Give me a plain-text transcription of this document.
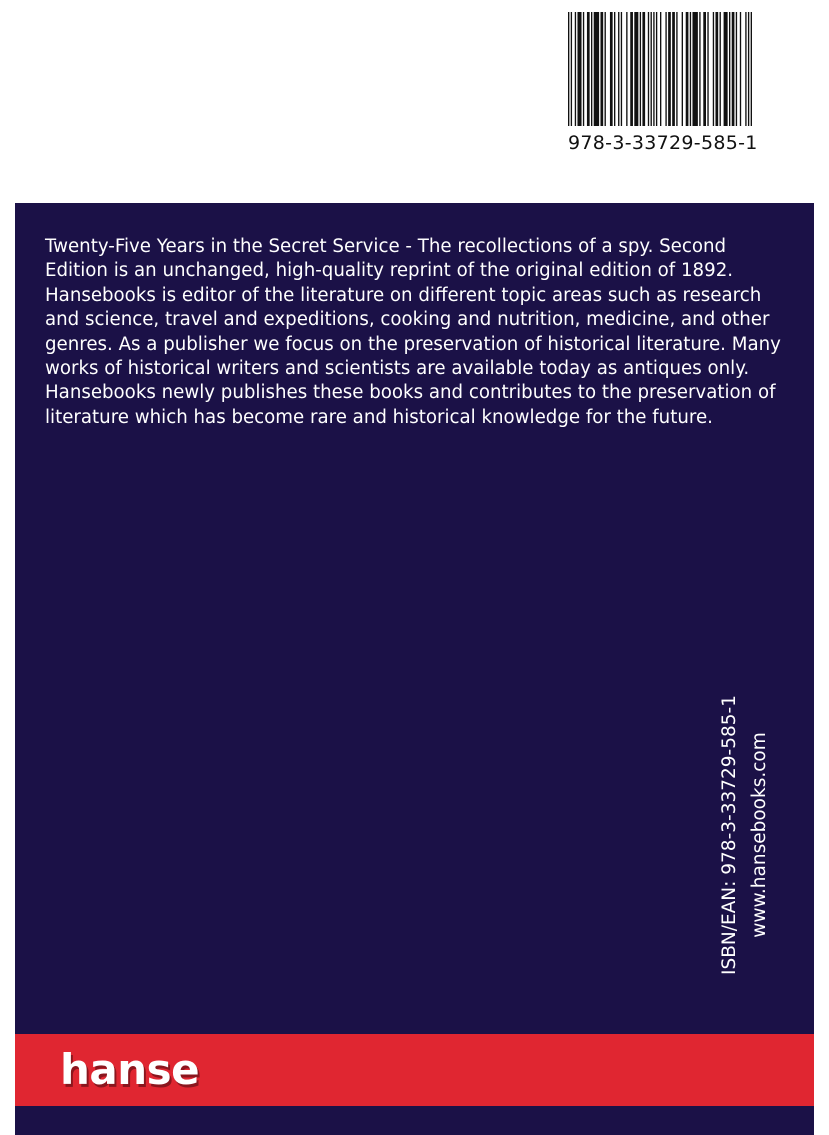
978-3-33729-585-1

Twenty-Five Years in the Secret Service - The recollections of a spy. Second Edition is an unchanged, high-quality reprint of the original edition of 1892. Hansebooks is editor of the literature on different topic areas such as research and science, travel and expeditions, cooking and nutrition, medicine, and other genres. As a publisher we focus on the preservation of historical literature. Many works of historical writers and scientists are available today as antiques only. Hansebooks newly publishes these books and contributes to the preservation of literature which has become rare and historical knowledge for the future.

ISBN/EAN: 978-3-33729-585-1 www.hansebooks.com
hanse
